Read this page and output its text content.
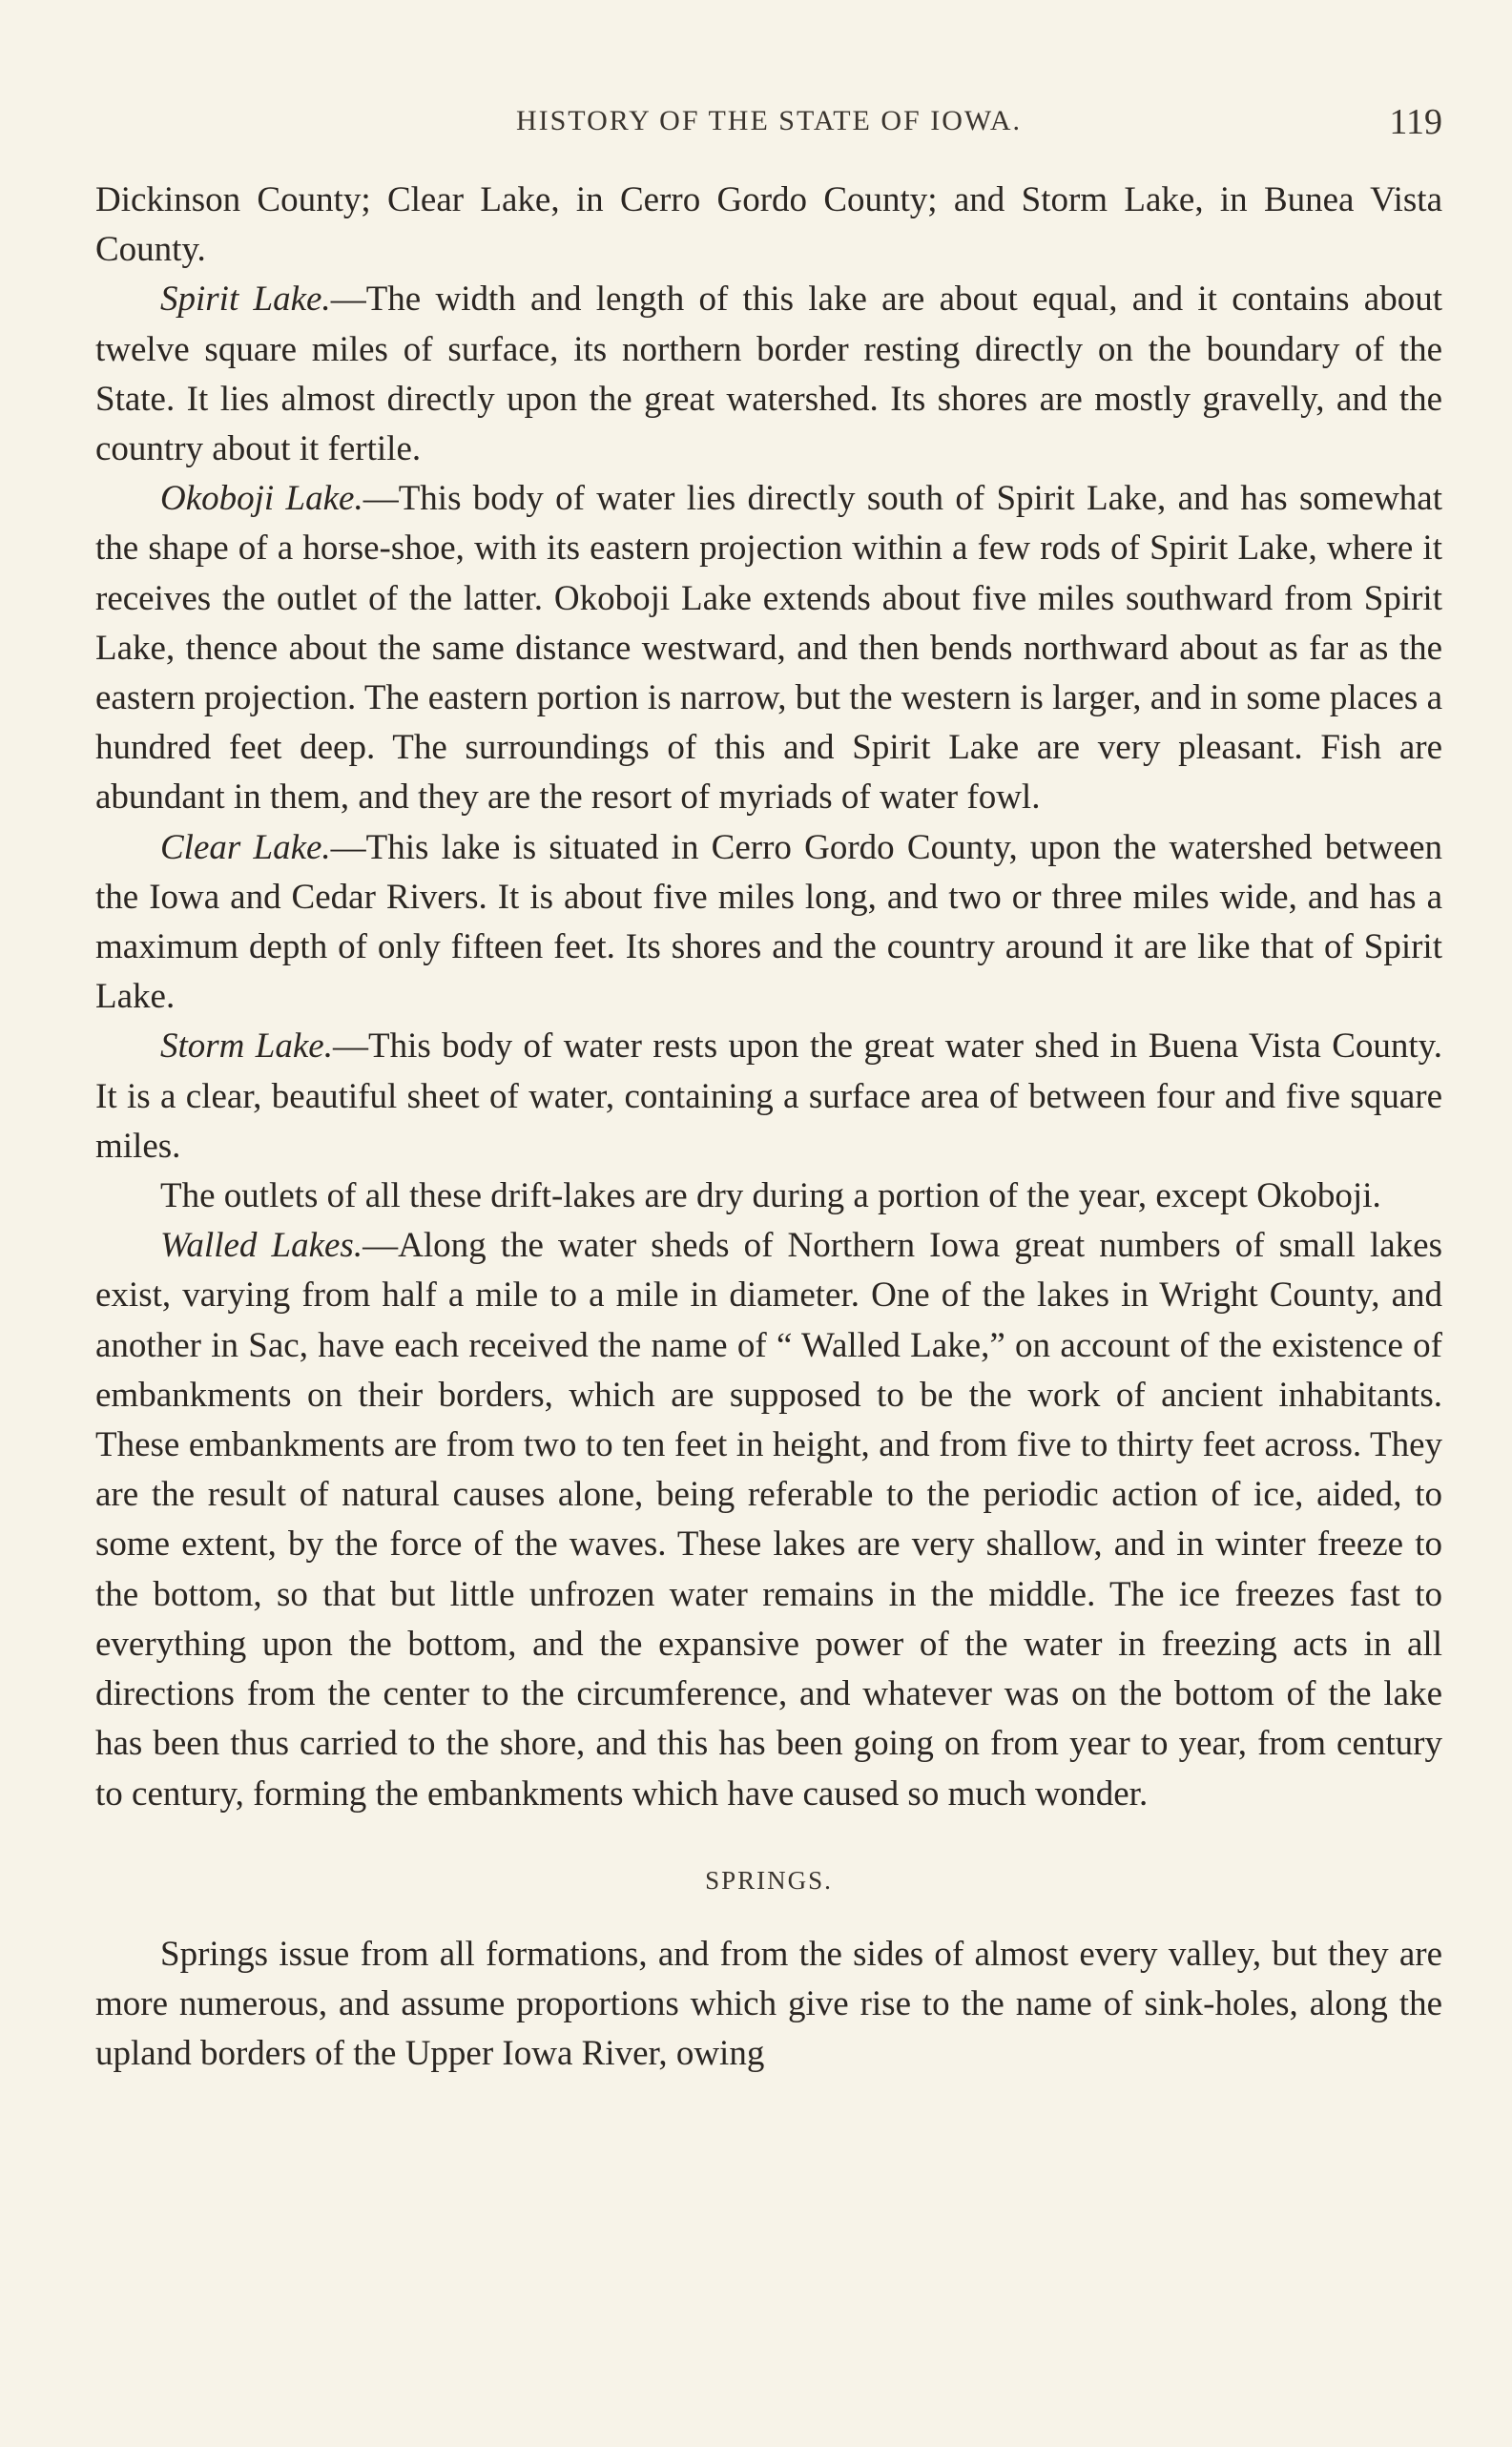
HISTORY OF THE STATE OF IOWA.	119

Dickinson County; Clear Lake, in Cerro Gordo County; and Storm Lake, in Bunea Vista County.

Spirit Lake.—The width and length of this lake are about equal, and it contains about twelve square miles of surface, its northern border resting directly on the boundary of the State. It lies almost directly upon the great watershed. Its shores are mostly gravelly, and the country about it fertile.

Okoboji Lake.—This body of water lies directly south of Spirit Lake, and has somewhat the shape of a horse-shoe, with its eastern projection within a few rods of Spirit Lake, where it receives the outlet of the latter. Okoboji Lake extends about five miles southward from Spirit Lake, thence about the same distance westward, and then bends northward about as far as the eastern projection. The eastern portion is narrow, but the western is larger, and in some places a hundred feet deep. The surroundings of this and Spirit Lake are very pleasant. Fish are abundant in them, and they are the resort of myriads of water fowl.

Clear Lake.—This lake is situated in Cerro Gordo County, upon the watershed between the Iowa and Cedar Rivers. It is about five miles long, and two or three miles wide, and has a maximum depth of only fifteen feet. Its shores and the country around it are like that of Spirit Lake.

Storm Lake.—This body of water rests upon the great water shed in Buena Vista County. It is a clear, beautiful sheet of water, containing a surface area of between four and five square miles.

The outlets of all these drift-lakes are dry during a portion of the year, except Okoboji.

Walled Lakes.—Along the water sheds of Northern Iowa great numbers of small lakes exist, varying from half a mile to a mile in diameter. One of the lakes in Wright County, and another in Sac, have each received the name of “ Walled Lake,” on account of the existence of embankments on their borders, which are supposed to be the work of ancient inhabitants. These embankments are from two to ten feet in height, and from five to thirty feet across. They are the result of natural causes alone, being referable to the periodic action of ice, aided, to some extent, by the force of the waves. These lakes are very shallow, and in winter freeze to the bottom, so that but little unfrozen water remains in the middle. The ice freezes fast to everything upon the bottom, and the expansive power of the water in freezing acts in all directions from the center to the circumference, and whatever was on the bottom of the lake has been thus carried to the shore, and this has been going on from year to year, from century to century, forming the embankments which have caused so much wonder.

SPRINGS.

Springs issue from all formations, and from the sides of almost every valley, but they are more numerous, and assume proportions which give rise to the name of sink-holes, along the upland borders of the Upper Iowa River, owing
